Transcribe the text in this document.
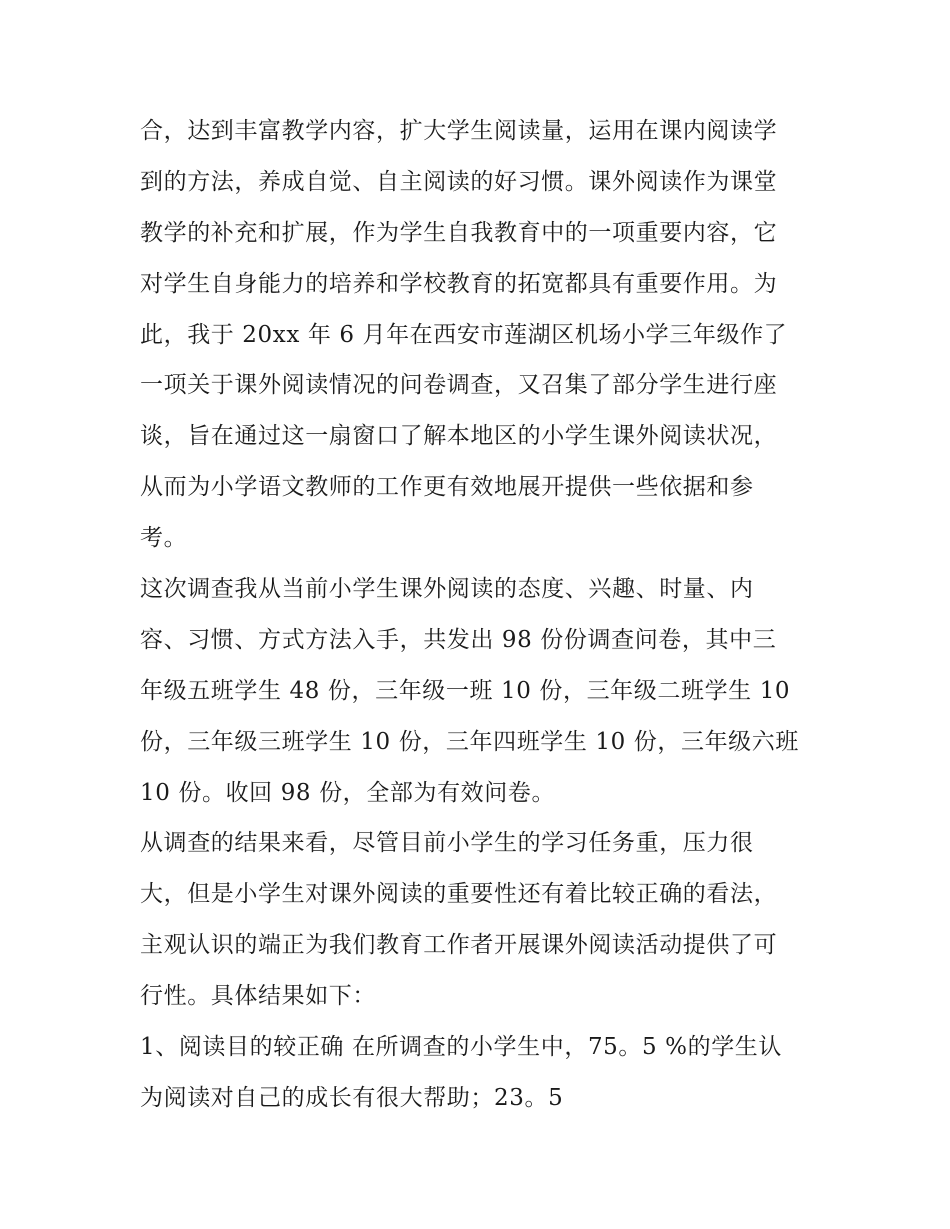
合，达到丰富教学内容，扩大学生阅读量，运用在课内阅读学
到的方法，养成自觉、自主阅读的好习惯。课外阅读作为课堂
教学的补充和扩展，作为学生自我教育中的一项重要内容，它
对学生自身能力的培养和学校教育的拓宽都具有重要作用。为
此，我于 20xx 年 6 月年在西安市莲湖区机场小学三年级作了
一项关于课外阅读情况的问卷调查，又召集了部分学生进行座
谈，旨在通过这一扇窗口了解本地区的小学生课外阅读状况，
从而为小学语文教师的工作更有效地展开提供一些依据和参
考。
这次调查我从当前小学生课外阅读的态度、兴趣、时量、内
容、习惯、方式方法入手，共发出 98 份份调查问卷，其中三
年级五班学生 48 份，三年级一班 10 份，三年级二班学生 10
份，三年级三班学生 10 份，三年四班学生 10 份，三年级六班
10 份。收回 98 份，全部为有效问卷。
从调查的结果来看，尽管目前小学生的学习任务重，压力很
大，但是小学生对课外阅读的重要性还有着比较正确的看法，
主观认识的端正为我们教育工作者开展课外阅读活动提供了可
行性。具体结果如下：
1、阅读目的较正确 在所调查的小学生中，75。5 %的学生认
为阅读对自己的成长有很大帮助；23。5
